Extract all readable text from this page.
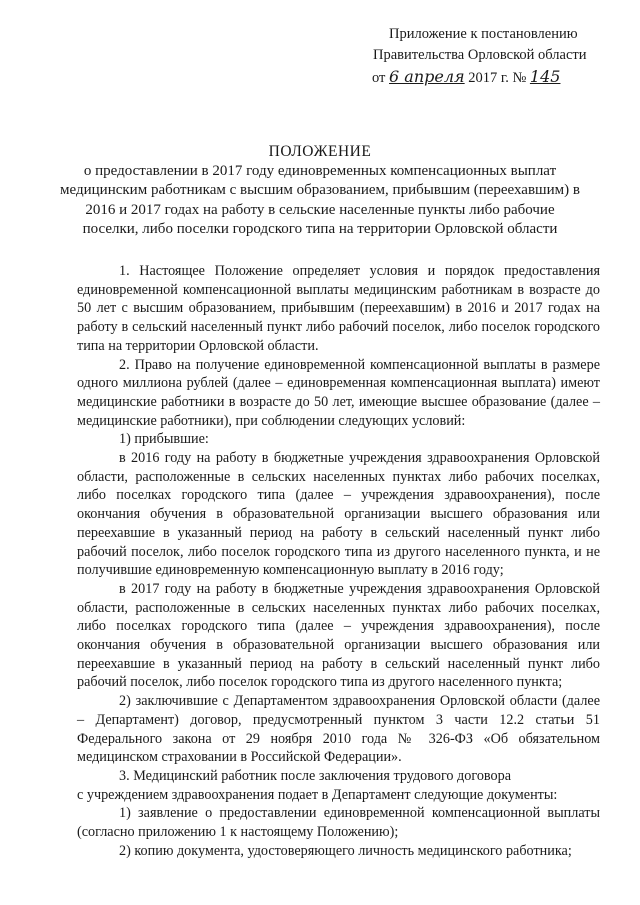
Приложение к постановлению
Правительства Орловской области
от 6 апреля 2017 г. № 145
ПОЛОЖЕНИЕ
о предоставлении в 2017 году единовременных компенсационных выплат медицинским работникам с высшим образованием, прибывшим (переехавшим) в 2016 и 2017 годах на работу в сельские населенные пункты либо рабочие поселки, либо поселки городского типа на территории Орловской области

1. Настоящее Положение определяет условия и порядок предоставления единовременной компенсационной выплаты медицинским работникам в возрасте до 50 лет с высшим образованием, прибывшим (переехавшим) в 2016 и 2017 годах на работу в сельский населенный пункт либо рабочий поселок, либо поселок городского типа на территории Орловской области.

2. Право на получение единовременной компенсационной выплаты в размере одного миллиона рублей (далее – единовременная компенсационная выплата) имеют медицинские работники в возрасте до 50 лет, имеющие высшее образование (далее – медицинские работники), при соблюдении следующих условий:

1) прибывшие:

в 2016 году на работу в бюджетные учреждения здравоохранения Орловской области, расположенные в сельских населенных пунктах либо рабочих поселках, либо поселках городского типа (далее – учреждения здравоохранения), после окончания обучения в образовательной организации высшего образования или переехавшие в указанный период на работу в сельский населенный пункт либо рабочий поселок, либо поселок городского типа из другого населенного пункта, и не получившие единовременную компенсационную выплату в 2016 году;

в 2017 году на работу в бюджетные учреждения здравоохранения Орловской области, расположенные в сельских населенных пунктах либо рабочих поселках, либо поселках городского типа (далее – учреждения здравоохранения), после окончания обучения в образовательной организации высшего образования или переехавшие в указанный период на работу в сельский населенный пункт либо рабочий поселок, либо поселок городского типа из другого населенного пункта;

2) заключившие с Департаментом здравоохранения Орловской области (далее – Департамент) договор, предусмотренный пунктом 3 части 12.2 статьи 51 Федерального закона от 29 ноября 2010 года № 326-ФЗ «Об обязательном медицинском страховании в Российской Федерации».

3. Медицинский работник после заключения трудового договора

с учреждением здравоохранения подает в Департамент следующие документы:

1) заявление о предоставлении единовременной компенсационной выплаты (согласно приложению 1 к настоящему Положению);

2) копию документа, удостоверяющего личность медицинского работника;
